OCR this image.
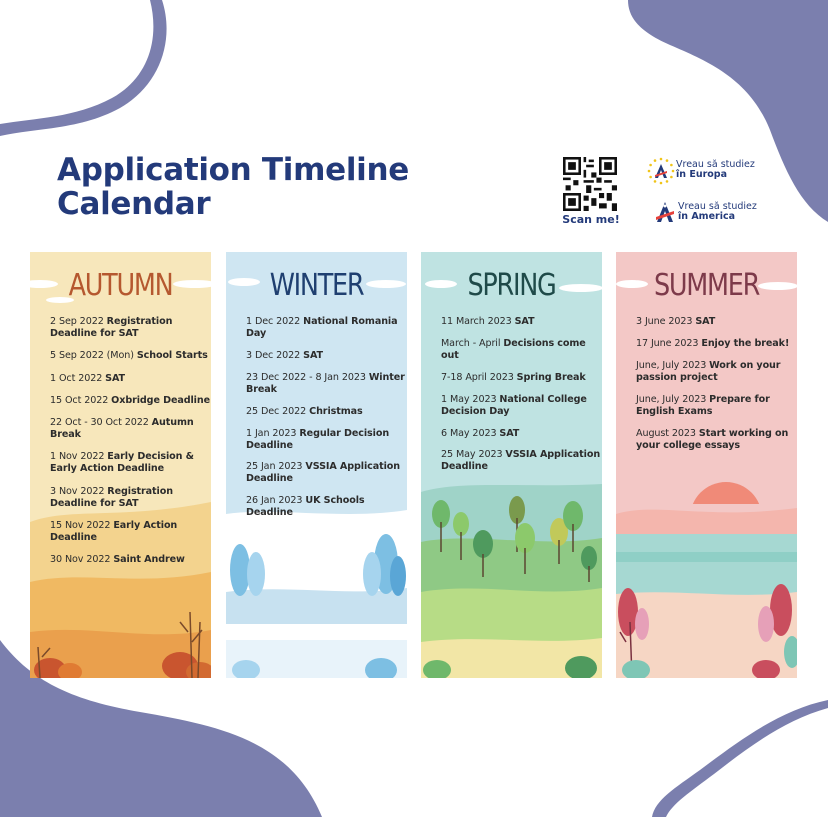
Application Timeline
Calendar	Scan me!
Vreau să studiez
în Europa
Vreau să studiez
în America
AUTUMN
2 Sep 2022 Registration Deadline for SAT
5 Sep 2022 (Mon) School Starts
1 Oct 2022 SAT
15 Oct 2022 Oxbridge Deadline
22 Oct - 30 Oct 2022 Autumn Break
1 Nov 2022 Early Decision & Early Action Deadline
3 Nov 2022 Registration Deadline for SAT
15 Nov 2022 Early Action Deadline
30 Nov 2022 Saint Andrew
WINTER
1 Dec 2022 National Romania Day
3 Dec 2022 SAT
23 Dec 2022 - 8 Jan 2023 Winter Break
25 Dec 2022 Christmas
1 Jan 2023 Regular Decision Deadline
25 Jan 2023 VSSIA Application Deadline
26 Jan 2023 UK Schools Deadline
SPRING
11 March 2023 SAT
March - April Decisions come out
7-18 April 2023 Spring Break
1 May 2023 National College Decision Day
6 May 2023 SAT
25 May 2023 VSSIA Application Deadline
SUMMER
3 June 2023 SAT
17 June 2023 Enjoy the break!
June, July 2023 Work on your passion project
June, July 2023 Prepare for English Exams
August 2023 Start working on your college essays
